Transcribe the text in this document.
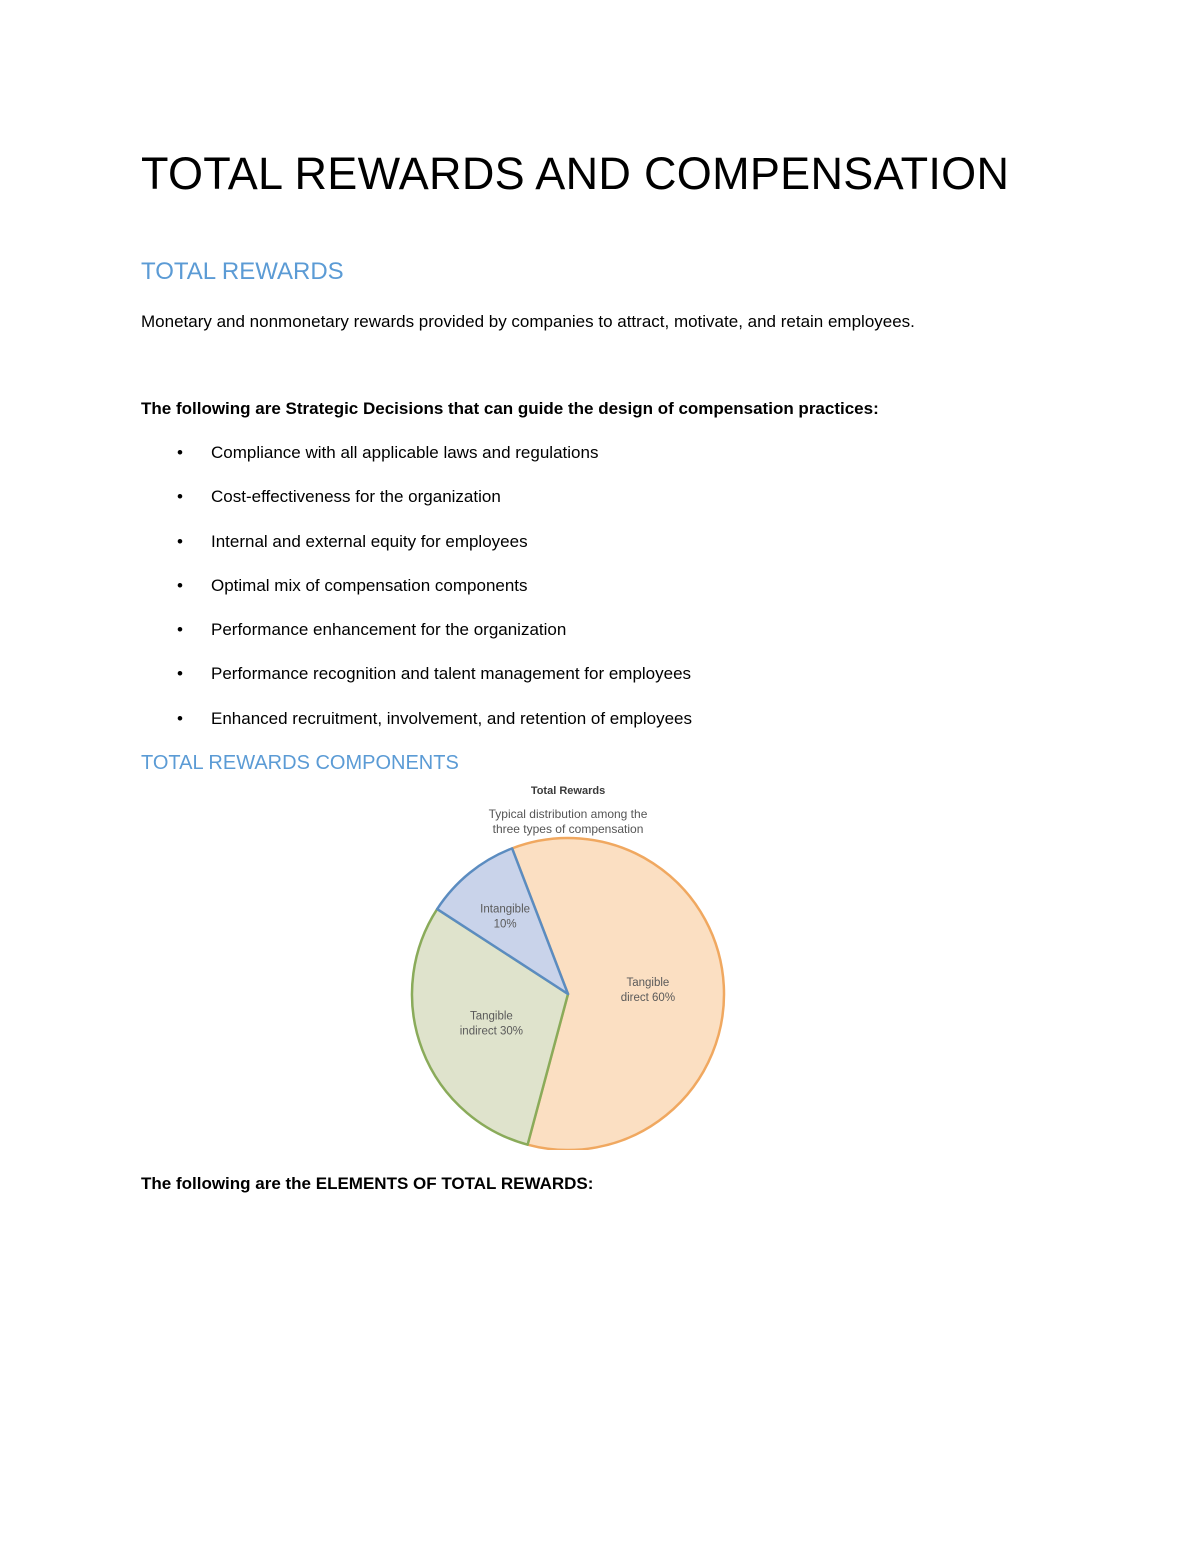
TOTAL REWARDS AND COMPENSATION
TOTAL REWARDS

Monetary and nonmonetary rewards provided by companies to attract, motivate, and retain employees.

The following are Strategic Decisions that can guide the design of compensation practices:

• Compliance with all applicable laws and regulations
• Cost-effectiveness for the organization
• Internal and external equity for employees
• Optimal mix of compensation components
• Performance enhancement for the organization
• Performance recognition and talent management for employees
• Enhanced recruitment, involvement, and retention of employees
TOTAL REWARDS COMPONENTS
Total Rewards
Typical distribution among the
three types of compensation
Tangible direct 60%
Tangible indirect 30%
Intangible 10%

The following are the ELEMENTS OF TOTAL REWARDS:
